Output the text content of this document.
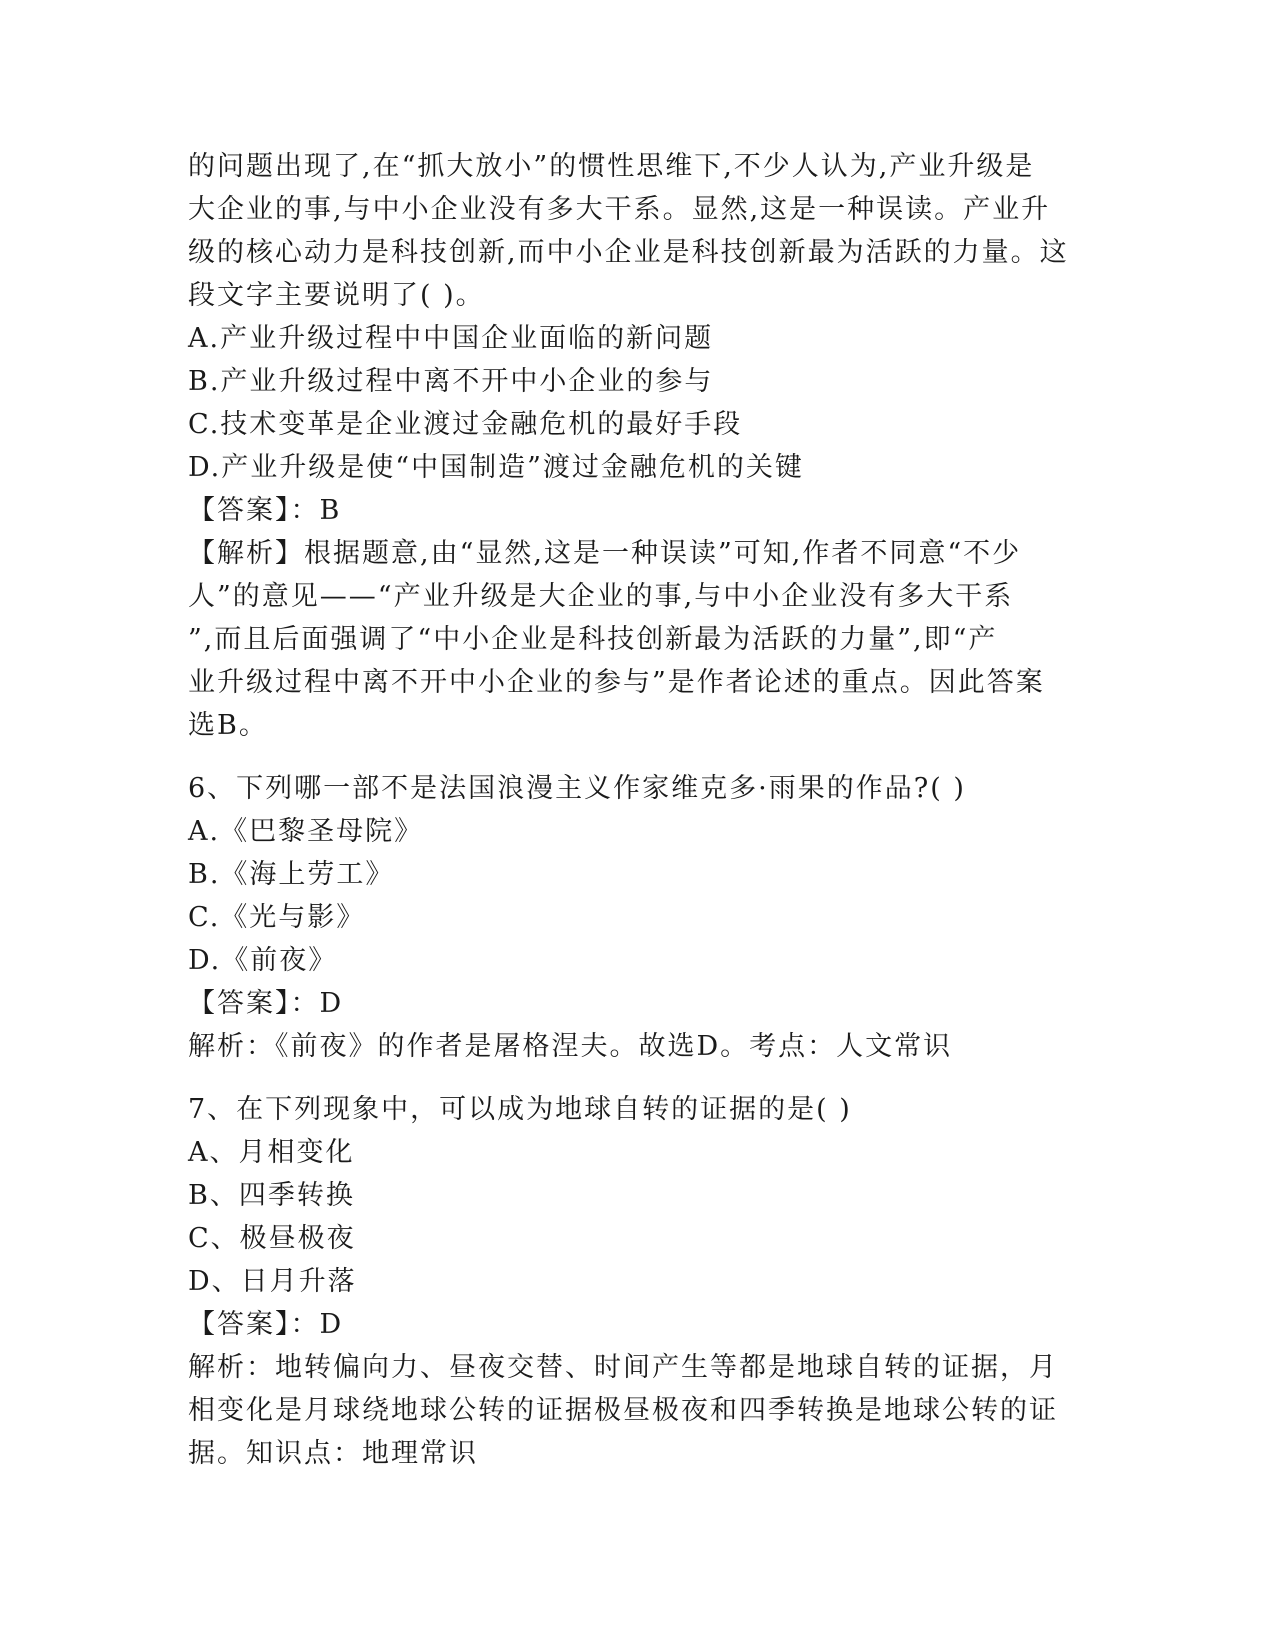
的问题出现了,在“抓大放小”的惯性思维下,不少人认为,产业升级是
大企业的事,与中小企业没有多大干系。显然,这是一种误读。产业升
级的核心动力是科技创新,而中小企业是科技创新最为活跃的力量。这
段文字主要说明了( )。
A.产业升级过程中中国企业面临的新问题
B.产业升级过程中离不开中小企业的参与
C.技术变革是企业渡过金融危机的最好手段
D.产业升级是使“中国制造”渡过金融危机的关键
【答案】：B
【解析】根据题意,由“显然,这是一种误读”可知,作者不同意“不少
人”的意见——“产业升级是大企业的事,与中小企业没有多大干系
”,而且后面强调了“中小企业是科技创新最为活跃的力量”,即“产
业升级过程中离不开中小企业的参与”是作者论述的重点。因此答案
选B。
6、下列哪一部不是法国浪漫主义作家维克多·雨果的作品?( )
A.《巴黎圣母院》
B.《海上劳工》
C.《光与影》
D.《前夜》
【答案】：D
解析：《前夜》的作者是屠格涅夫。故选D。考点：人文常识
7、在下列现象中，可以成为地球自转的证据的是( )
A、月相变化
B、四季转换
C、极昼极夜
D、日月升落
【答案】：D
解析：地转偏向力、昼夜交替、时间产生等都是地球自转的证据，月
相变化是月球绕地球公转的证据极昼极夜和四季转换是地球公转的证
据。知识点：地理常识
